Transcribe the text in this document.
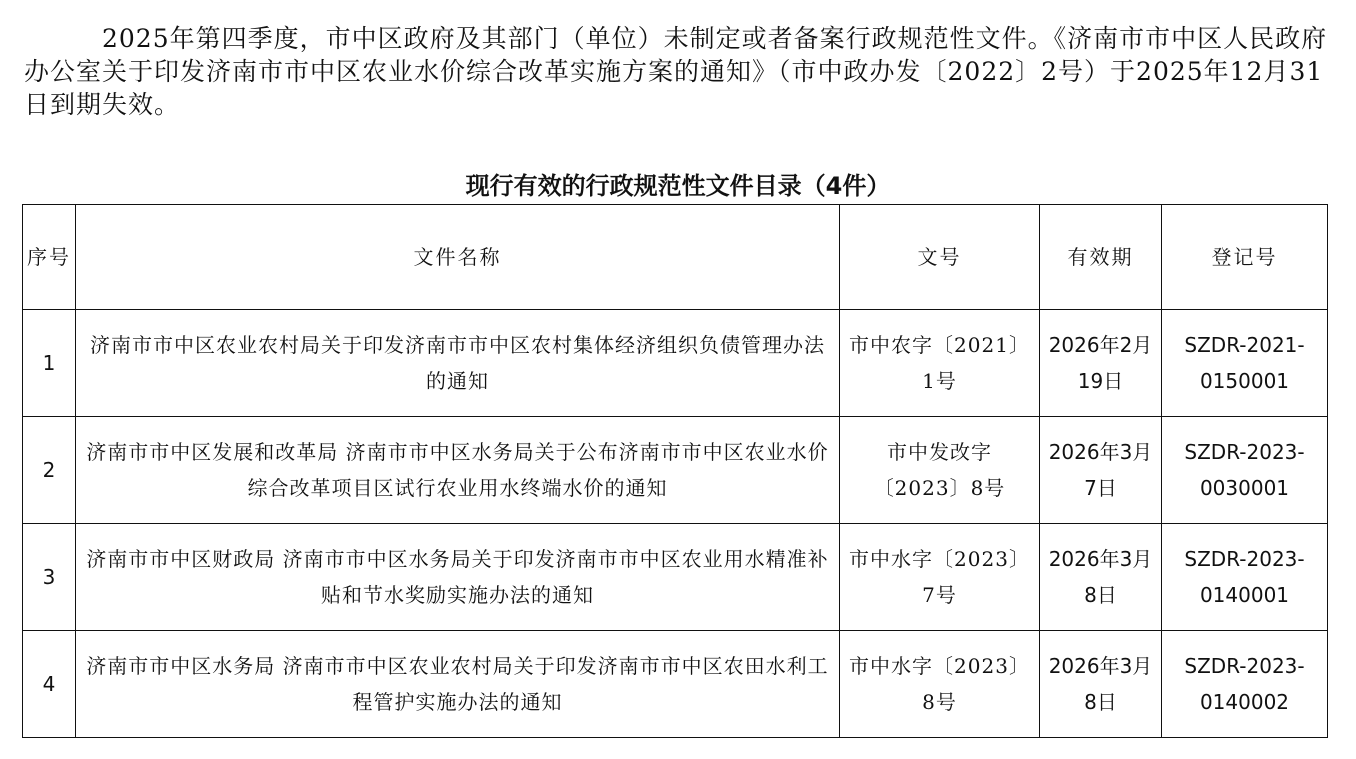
2025年第四季度，市中区政府及其部门（单位）未制定或者备案行政规范性文件。《济南市市中区人民政府办公室关于印发济南市市中区农业水价综合改革实施方案的通知》（市中政办发〔2022〕2号）于2025年12月31日到期失效。

现行有效的行政规范性文件目录（4件）
序号	文件名称	文号	有效期	登记号
1	济南市市中区农业农村局关于印发济南市市中区农村集体经济组织负债管理办法的通知	市中农字〔2021〕1号	2026年2月19日	SZDR-2021-0150001
2	济南市市中区发展和改革局 济南市市中区水务局关于公布济南市市中区农业水价综合改革项目区试行农业用水终端水价的通知	市中发改字〔2023〕8号	2026年3月7日	SZDR-2023-0030001
3	济南市市中区财政局 济南市市中区水务局关于印发济南市市中区农业用水精准补贴和节水奖励实施办法的通知	市中水字〔2023〕7号	2026年3月8日	SZDR-2023-0140001
4	济南市市中区水务局 济南市市中区农业农村局关于印发济南市市中区农田水利工程管护实施办法的通知	市中水字〔2023〕8号	2026年3月8日	SZDR-2023-0140002
